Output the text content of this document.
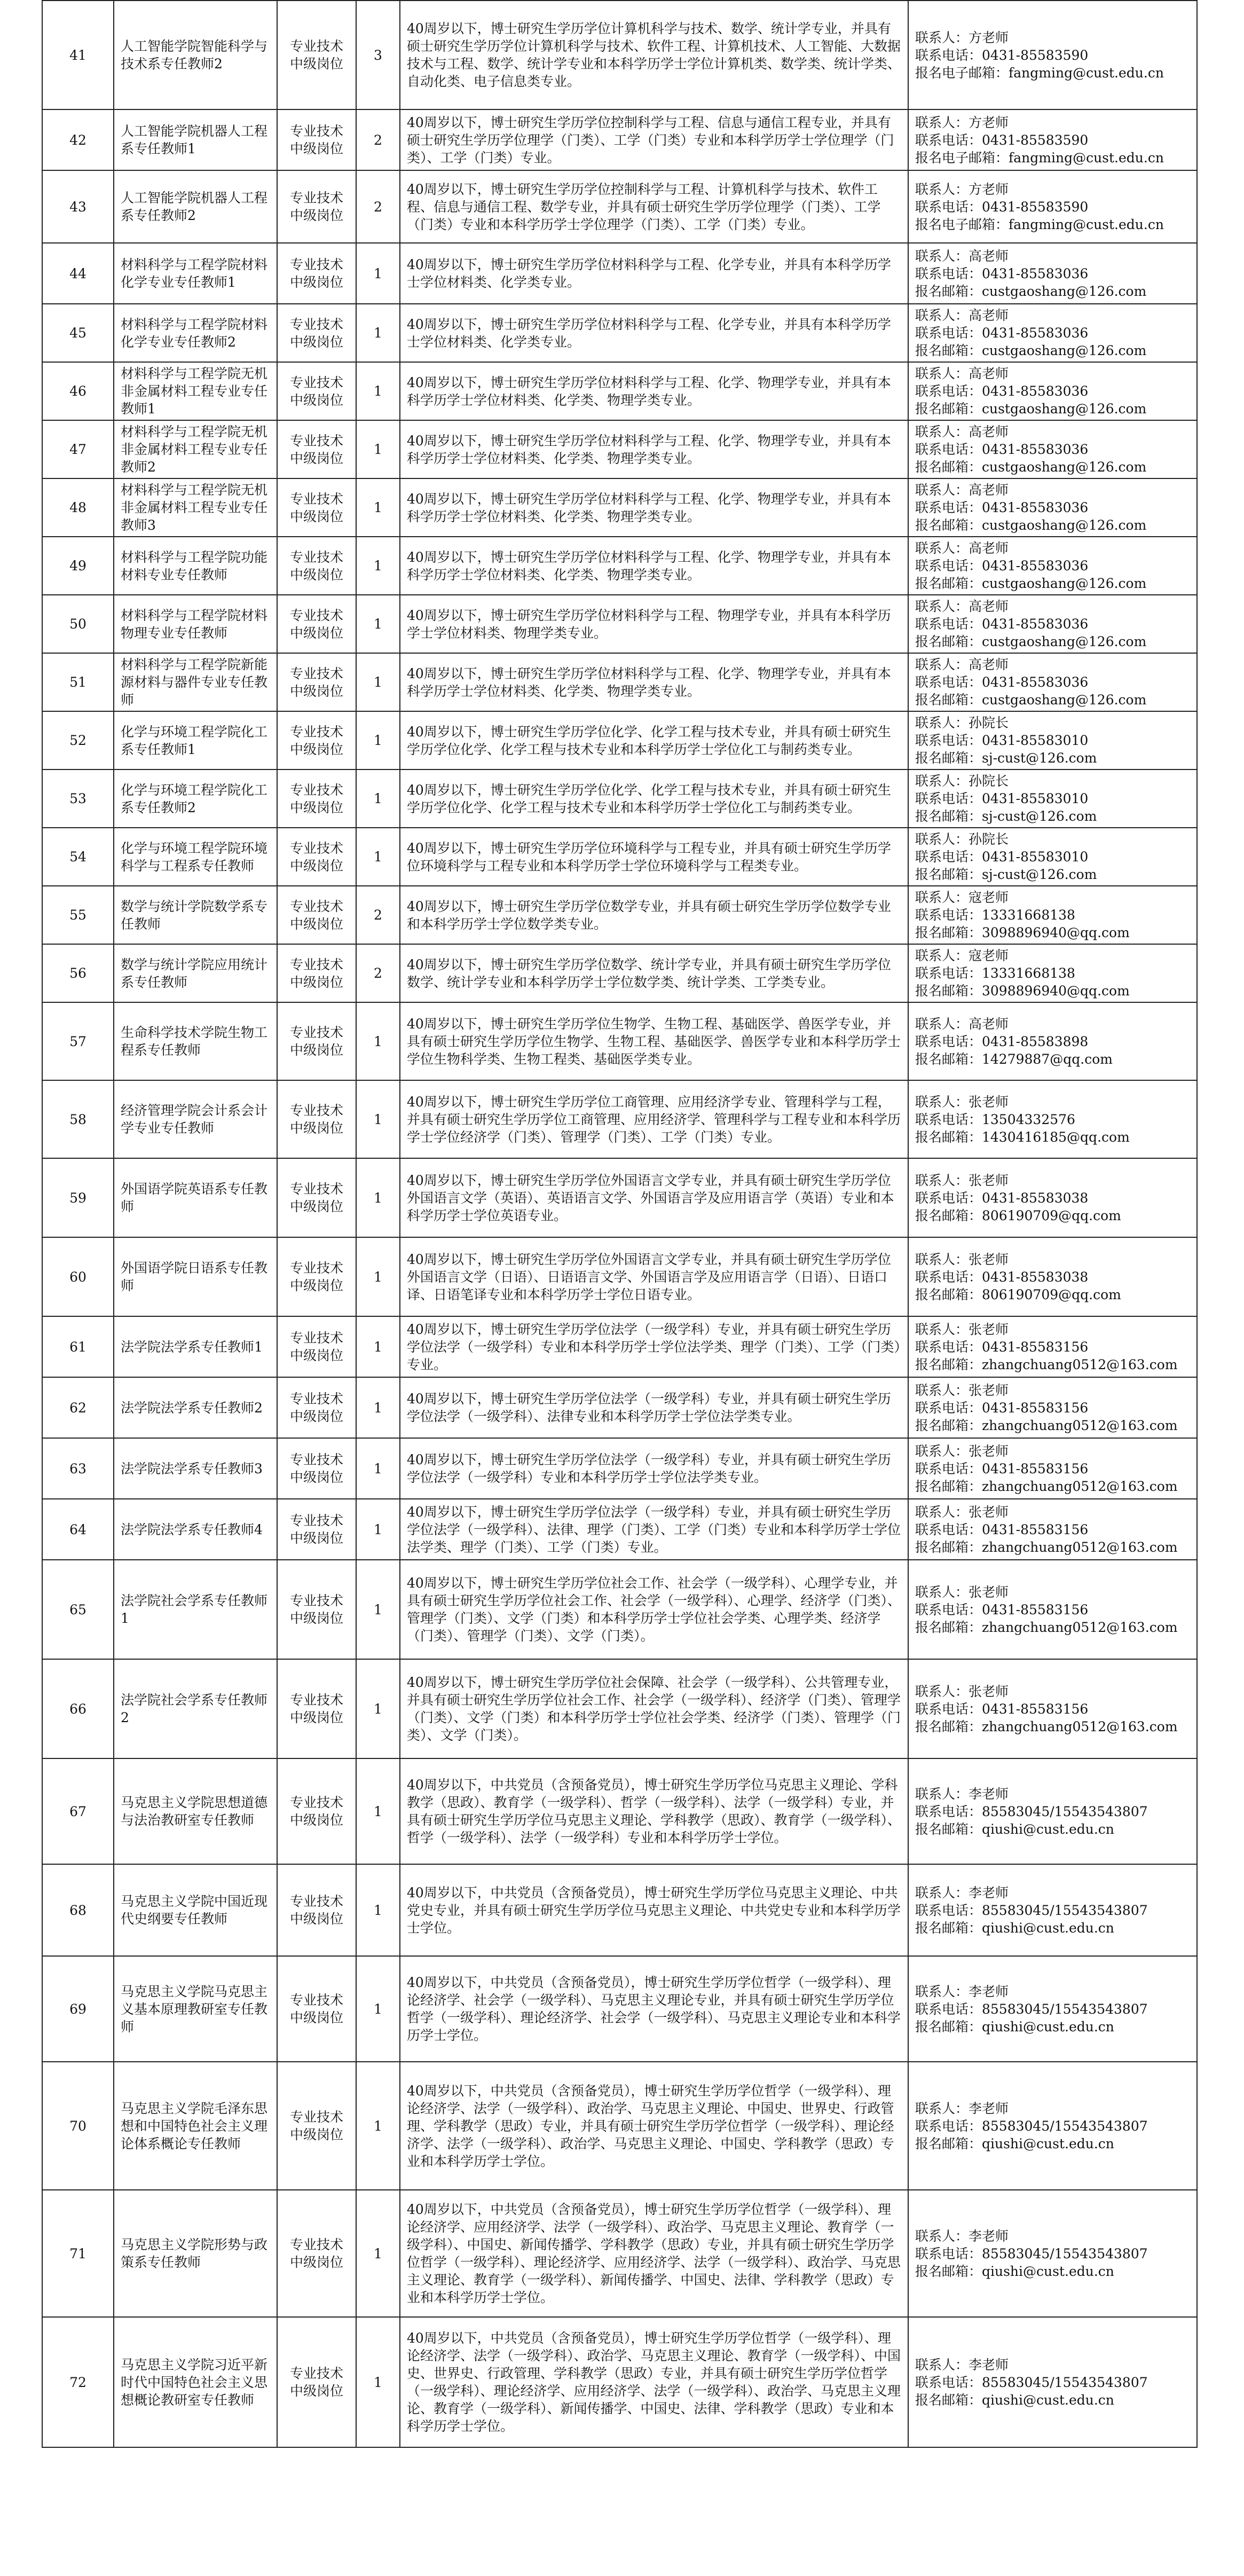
41	人工智能学院智能科学与技术系专任教师2	专业技术中级岗位	3	40周岁以下，博士研究生学历学位计算机科学与技术、数学、统计学专业，并具有硕士研究生学历学位计算机科学与技术、软件工程、计算机技术、人工智能、大数据技术与工程、数学、统计学专业和本科学历学士学位计算机类、数学类、统计学类、自动化类、电子信息类专业。	联系人：方老师
联系电话：0431-85583590
报名电子邮箱：fangming@cust.edu.cn

42	人工智能学院机器人工程系专任教师1	专业技术中级岗位	2	40周岁以下，博士研究生学历学位控制科学与工程、信息与通信工程专业，并具有硕士研究生学历学位理学（门类）、工学（门类）专业和本科学历学士学位理学（门类）、工学（门类）专业。	联系人：方老师
联系电话：0431-85583590
报名电子邮箱：fangming@cust.edu.cn

43	人工智能学院机器人工程系专任教师2	专业技术中级岗位	2	40周岁以下，博士研究生学历学位控制科学与工程、计算机科学与技术、软件工程、信息与通信工程、数学专业，并具有硕士研究生学历学位理学（门类）、工学（门类）专业和本科学历学士学位理学（门类）、工学（门类）专业。	联系人：方老师
联系电话：0431-85583590
报名电子邮箱：fangming@cust.edu.cn

44	材料科学与工程学院材料化学专业专任教师1	专业技术中级岗位	1	40周岁以下，博士研究生学历学位材料科学与工程、化学专业，并具有本科学历学士学位材料类、化学类专业。	联系人：高老师
联系电话：0431-85583036
报名邮箱：custgaoshang@126.com

45	材料科学与工程学院材料化学专业专任教师2	专业技术中级岗位	1	40周岁以下，博士研究生学历学位材料科学与工程、化学专业，并具有本科学历学士学位材料类、化学类专业。	联系人：高老师
联系电话：0431-85583036
报名邮箱：custgaoshang@126.com

46	材料科学与工程学院无机非金属材料工程专业专任教师1	专业技术中级岗位	1	40周岁以下，博士研究生学历学位材料科学与工程、化学、物理学专业，并具有本科学历学士学位材料类、化学类、物理学类专业。	联系人：高老师
联系电话：0431-85583036
报名邮箱：custgaoshang@126.com

47	材料科学与工程学院无机非金属材料工程专业专任教师2	专业技术中级岗位	1	40周岁以下，博士研究生学历学位材料科学与工程、化学、物理学专业，并具有本科学历学士学位材料类、化学类、物理学类专业。	联系人：高老师
联系电话：0431-85583036
报名邮箱：custgaoshang@126.com

48	材料科学与工程学院无机非金属材料工程专业专任教师3	专业技术中级岗位	1	40周岁以下，博士研究生学历学位材料科学与工程、化学、物理学专业，并具有本科学历学士学位材料类、化学类、物理学类专业。	联系人：高老师
联系电话：0431-85583036
报名邮箱：custgaoshang@126.com

49	材料科学与工程学院功能材料专业专任教师	专业技术中级岗位	1	40周岁以下，博士研究生学历学位材料科学与工程、化学、物理学专业，并具有本科学历学士学位材料类、化学类、物理学类专业。	联系人：高老师
联系电话：0431-85583036
报名邮箱：custgaoshang@126.com

50	材料科学与工程学院材料物理专业专任教师	专业技术中级岗位	1	40周岁以下，博士研究生学历学位材料科学与工程、物理学专业，并具有本科学历学士学位材料类、物理学类专业。	联系人：高老师
联系电话：0431-85583036
报名邮箱：custgaoshang@126.com

51	材料科学与工程学院新能源材料与器件专业专任教师	专业技术中级岗位	1	40周岁以下，博士研究生学历学位材料科学与工程、化学、物理学专业，并具有本科学历学士学位材料类、化学类、物理学类专业。	联系人：高老师
联系电话：0431-85583036
报名邮箱：custgaoshang@126.com

52	化学与环境工程学院化工系专任教师1	专业技术中级岗位	1	40周岁以下，博士研究生学历学位化学、化学工程与技术专业，并具有硕士研究生学历学位化学、化学工程与技术专业和本科学历学士学位化工与制药类专业。	联系人：孙院长
联系电话：0431-85583010
报名邮箱：sj-cust@126.com

53	化学与环境工程学院化工系专任教师2	专业技术中级岗位	1	40周岁以下，博士研究生学历学位化学、化学工程与技术专业，并具有硕士研究生学历学位化学、化学工程与技术专业和本科学历学士学位化工与制药类专业。	联系人：孙院长
联系电话：0431-85583010
报名邮箱：sj-cust@126.com

54	化学与环境工程学院环境科学与工程系专任教师	专业技术中级岗位	1	40周岁以下，博士研究生学历学位环境科学与工程专业，并具有硕士研究生学历学位环境科学与工程专业和本科学历学士学位环境科学与工程类专业。	联系人：孙院长
联系电话：0431-85583010
报名邮箱：sj-cust@126.com

55	数学与统计学院数学系专任教师	专业技术中级岗位	2	40周岁以下，博士研究生学历学位数学专业，并具有硕士研究生学历学位数学专业和本科学历学士学位数学类专业。	联系人：寇老师
联系电话：13331668138
报名邮箱：3098896940@qq.com

56	数学与统计学院应用统计系专任教师	专业技术中级岗位	2	40周岁以下，博士研究生学历学位数学、统计学专业，并具有硕士研究生学历学位数学、统计学专业和本科学历学士学位数学类、统计学类、工学类专业。	联系人：寇老师
联系电话：13331668138
报名邮箱：3098896940@qq.com

57	生命科学技术学院生物工程系专任教师	专业技术中级岗位	1	40周岁以下，博士研究生学历学位生物学、生物工程、基础医学、兽医学专业，并具有硕士研究生学历学位生物学、生物工程、基础医学、兽医学专业和本科学历学士学位生物科学类、生物工程类、基础医学类专业。	联系人：高老师
联系电话：0431-85583898
报名邮箱：14279887@qq.com

58	经济管理学院会计系会计学专业专任教师	专业技术中级岗位	1	40周岁以下，博士研究生学历学位工商管理、应用经济学专业、管理科学与工程，并具有硕士研究生学历学位工商管理、应用经济学、管理科学与工程专业和本科学历学士学位经济学（门类）、管理学（门类）、工学（门类）专业。	联系人：张老师
联系电话：13504332576
报名邮箱：1430416185@qq.com

59	外国语学院英语系专任教师	专业技术中级岗位	1	40周岁以下，博士研究生学历学位外国语言文学专业，并具有硕士研究生学历学位外国语言文学（英语）、英语语言文学、外国语言学及应用语言学（英语）专业和本科学历学士学位英语专业。	联系人：张老师
联系电话：0431-85583038
报名邮箱：806190709@qq.com

60	外国语学院日语系专任教师	专业技术中级岗位	1	40周岁以下，博士研究生学历学位外国语言文学专业，并具有硕士研究生学历学位外国语言文学（日语）、日语语言文学、外国语言学及应用语言学（日语）、日语口译、日语笔译专业和本科学历学士学位日语专业。	联系人：张老师
联系电话：0431-85583038
报名邮箱：806190709@qq.com

61	法学院法学系专任教师1	专业技术中级岗位	1	40周岁以下，博士研究生学历学位法学（一级学科）专业，并具有硕士研究生学历学位法学（一级学科）专业和本科学历学士学位法学类、理学（门类）、工学（门类）专业。	联系人：张老师
联系电话：0431-85583156
报名邮箱：zhangchuang0512@163.com

62	法学院法学系专任教师2	专业技术中级岗位	1	40周岁以下，博士研究生学历学位法学（一级学科）专业，并具有硕士研究生学历学位法学（一级学科）、法律专业和本科学历学士学位法学类专业。	联系人：张老师
联系电话：0431-85583156
报名邮箱：zhangchuang0512@163.com

63	法学院法学系专任教师3	专业技术中级岗位	1	40周岁以下，博士研究生学历学位法学（一级学科）专业，并具有硕士研究生学历学位法学（一级学科）专业和本科学历学士学位法学类专业。	联系人：张老师
联系电话：0431-85583156
报名邮箱：zhangchuang0512@163.com

64	法学院法学系专任教师4	专业技术中级岗位	1	40周岁以下，博士研究生学历学位法学（一级学科）专业，并具有硕士研究生学历学位法学（一级学科）、法律、理学（门类）、工学（门类）专业和本科学历学士学位法学类、理学（门类）、工学（门类）专业。	联系人：张老师
联系电话：0431-85583156
报名邮箱：zhangchuang0512@163.com

65	法学院社会学系专任教师1	专业技术中级岗位	1	40周岁以下，博士研究生学历学位社会工作、社会学（一级学科）、心理学专业，并具有硕士研究生学历学位社会工作、社会学（一级学科）、心理学、经济学（门类）、管理学（门类）、文学（门类）和本科学历学士学位社会学类、心理学类、经济学（门类）、管理学（门类）、文学（门类）。	联系人：张老师
联系电话：0431-85583156
报名邮箱：zhangchuang0512@163.com

66	法学院社会学系专任教师2	专业技术中级岗位	1	40周岁以下，博士研究生学历学位社会保障、社会学（一级学科）、公共管理专业，并具有硕士研究生学历学位社会工作、社会学（一级学科）、经济学（门类）、管理学（门类）、文学（门类）和本科学历学士学位社会学类、经济学（门类）、管理学（门类）、文学（门类）。	联系人：张老师
联系电话：0431-85583156
报名邮箱：zhangchuang0512@163.com

67	马克思主义学院思想道德与法治教研室专任教师	专业技术中级岗位	1	40周岁以下，中共党员（含预备党员），博士研究生学历学位马克思主义理论、学科教学（思政）、教育学（一级学科）、哲学（一级学科）、法学（一级学科）专业，并具有硕士研究生学历学位马克思主义理论、学科教学（思政）、教育学（一级学科）、哲学（一级学科）、法学（一级学科）专业和本科学历学士学位。	联系人：李老师
联系电话：85583045/15543543807
报名邮箱：qiushi@cust.edu.cn

68	马克思主义学院中国近现代史纲要专任教师	专业技术中级岗位	1	40周岁以下，中共党员（含预备党员），博士研究生学历学位马克思主义理论、中共党史专业，并具有硕士研究生学历学位马克思主义理论、中共党史专业和本科学历学士学位。	联系人：李老师
联系电话：85583045/15543543807
报名邮箱：qiushi@cust.edu.cn

69	马克思主义学院马克思主义基本原理教研室专任教师	专业技术中级岗位	1	40周岁以下，中共党员（含预备党员），博士研究生学历学位哲学（一级学科）、理论经济学、社会学（一级学科）、马克思主义理论专业，并具有硕士研究生学历学位哲学（一级学科）、理论经济学、社会学（一级学科）、马克思主义理论专业和本科学历学士学位。	联系人：李老师
联系电话：85583045/15543543807
报名邮箱：qiushi@cust.edu.cn

70	马克思主义学院毛泽东思想和中国特色社会主义理论体系概论专任教师	专业技术中级岗位	1	40周岁以下，中共党员（含预备党员），博士研究生学历学位哲学（一级学科）、理论经济学、法学（一级学科）、政治学、马克思主义理论、中国史、世界史、行政管理、学科教学（思政）专业，并具有硕士研究生学历学位哲学（一级学科）、理论经济学、法学（一级学科）、政治学、马克思主义理论、中国史、学科教学（思政）专业和本科学历学士学位。	联系人：李老师
联系电话：85583045/15543543807
报名邮箱：qiushi@cust.edu.cn

71	马克思主义学院形势与政策系专任教师	专业技术中级岗位	1	40周岁以下，中共党员（含预备党员），博士研究生学历学位哲学（一级学科）、理论经济学、应用经济学、法学（一级学科）、政治学、马克思主义理论、教育学（一级学科）、中国史、新闻传播学、学科教学（思政）专业，并具有硕士研究生学历学位哲学（一级学科）、理论经济学、应用经济学、法学（一级学科）、政治学、马克思主义理论、教育学（一级学科）、新闻传播学、中国史、法律、学科教学（思政）专业和本科学历学士学位。	联系人：李老师
联系电话：85583045/15543543807
报名邮箱：qiushi@cust.edu.cn

72	马克思主义学院习近平新时代中国特色社会主义思想概论教研室专任教师	专业技术中级岗位	1	40周岁以下，中共党员（含预备党员），博士研究生学历学位哲学（一级学科）、理论经济学、法学（一级学科）、政治学、马克思主义理论、教育学（一级学科）、中国史、世界史、行政管理、学科教学（思政）专业，并具有硕士研究生学历学位哲学（一级学科）、理论经济学、应用经济学、法学（一级学科）、政治学、马克思主义理论、教育学（一级学科）、新闻传播学、中国史、法律、学科教学（思政）专业和本科学历学士学位。	联系人：李老师
联系电话：85583045/15543543807
报名邮箱：qiushi@cust.edu.cn
